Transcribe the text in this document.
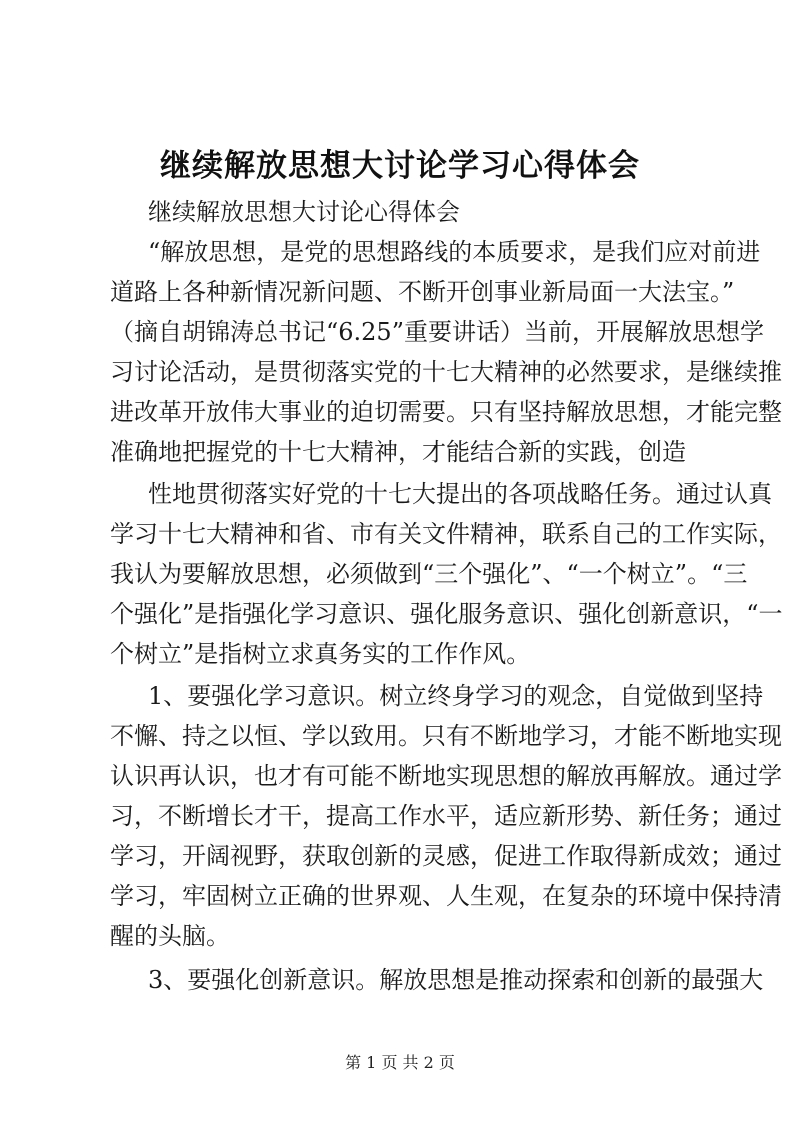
继续解放思想大讨论学习心得体会
继续解放思想大讨论心得体会
“解放思想，是党的思想路线的本质要求，是我们应对前进
道路上各种新情况新问题、不断开创事业新局面一大法宝。”
（摘自胡锦涛总书记“6.25”重要讲话）当前，开展解放思想学
习讨论活动，是贯彻落实党的十七大精神的必然要求，是继续推
进改革开放伟大事业的迫切需要。只有坚持解放思想，才能完整
准确地把握党的十七大精神，才能结合新的实践，创造
性地贯彻落实好党的十七大提出的各项战略任务。通过认真
学习十七大精神和省、市有关文件精神，联系自己的工作实际，
我认为要解放思想，必须做到“三个强化”、“一个树立”。“三
个强化”是指强化学习意识、强化服务意识、强化创新意识，“一
个树立”是指树立求真务实的工作作风。
1、要强化学习意识。树立终身学习的观念，自觉做到坚持
不懈、持之以恒、学以致用。只有不断地学习，才能不断地实现
认识再认识，也才有可能不断地实现思想的解放再解放。通过学
习，不断增长才干，提高工作水平，适应新形势、新任务；通过
学习，开阔视野，获取创新的灵感，促进工作取得新成效；通过
学习，牢固树立正确的世界观、人生观，在复杂的环境中保持清
醒的头脑。
3、要强化创新意识。解放思想是推动探索和创新的最强大
第 1 页 共 2 页
